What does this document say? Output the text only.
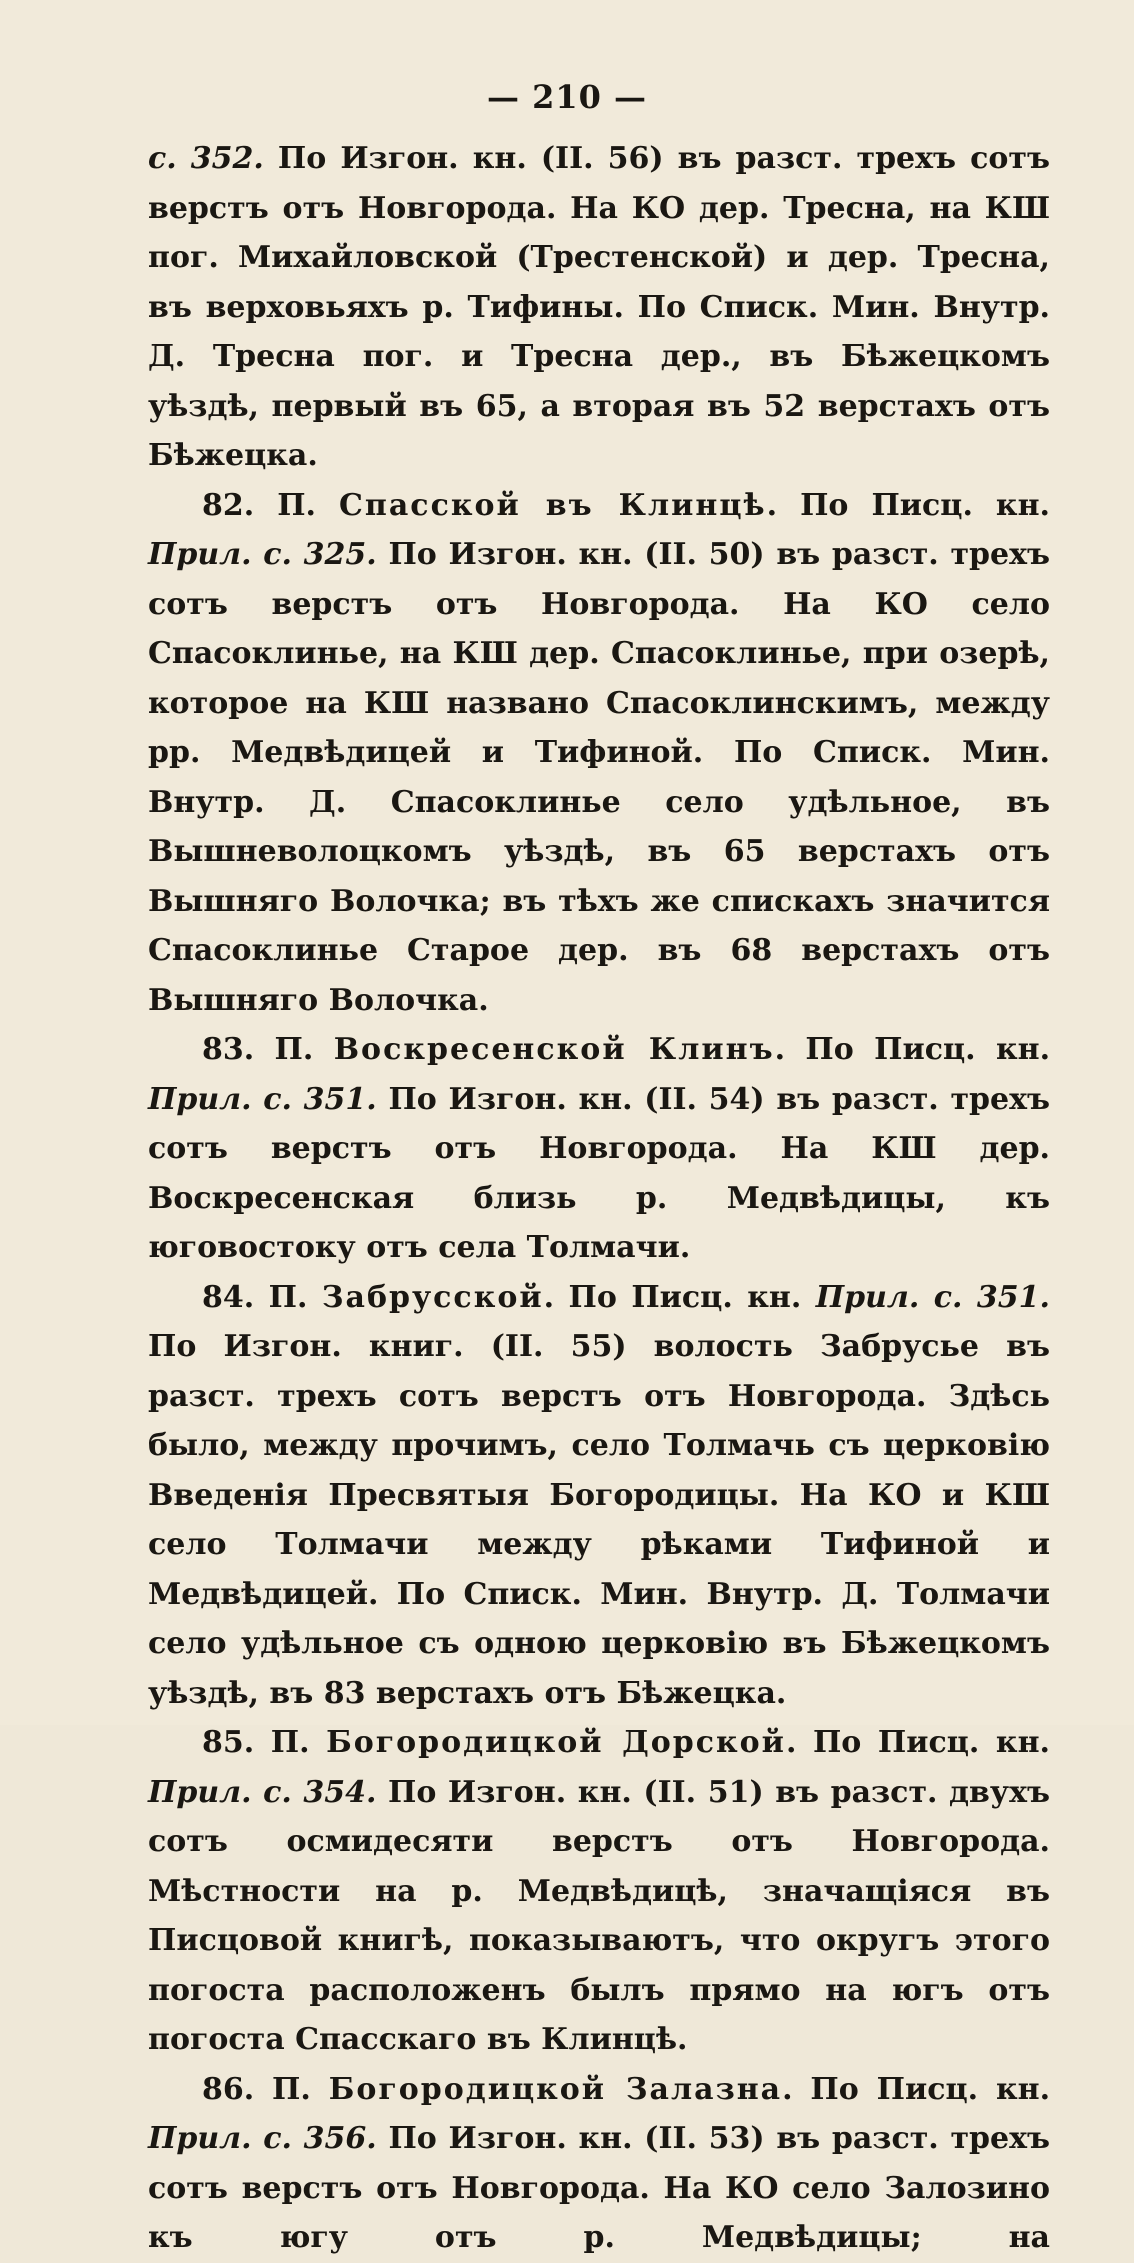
— 210 —

с. 352. По Изгон. кн. (II. 56) въ разст. трехъ сотъ верстъ отъ Новгорода. На КО дер. Тресна, на КШ пог. Михайловской (Трестенской) и дер. Тресна, въ верховьяхъ р. Тифины. По Списк. Мин. Внутр. Д. Тресна пог. и Тресна дер., въ Бѣжецкомъ уѣздѣ, первый въ 65, а вторая въ 52 верстахъ отъ Бѣжецка.

82. П. Спасской въ Клинцѣ. По Писц. кн. Прил. с. 325. По Изгон. кн. (II. 50) въ разст. трехъ сотъ верстъ отъ Новгорода. На КО село Спасоклинье, на КШ дер. Спасоклинье, при озерѣ, которое на КШ названо Спасоклинскимъ, между рр. Медвѣдицей и Тифиной. По Списк. Мин. Внутр. Д. Спасоклинье село удѣльное, въ Вышневолоцкомъ уѣздѣ, въ 65 верстахъ отъ Вышняго Волочка; въ тѣхъ же спискахъ значится Спасоклинье Старое дер. въ 68 верстахъ отъ Вышняго Волочка.

83. П. Воскресенской Клинъ. По Писц. кн. Прил. с. 351. По Изгон. кн. (II. 54) въ разст. трехъ сотъ верстъ отъ Новгорода. На КШ дер. Воскресенская близь р. Медвѣдицы, къ юговостоку отъ села Толмачи.

84. П. Забрусской. По Писц. кн. Прил. с. 351. По Изгон. книг. (II. 55) волость Забрусье въ разст. трехъ сотъ верстъ отъ Новгорода. Здѣсь было, между прочимъ, село Толмачь съ церковію Введенія Пресвятыя Богородицы. На КО и КШ село Толмачи между рѣками Тифиной и Медвѣдицей. По Списк. Мин. Внутр. Д. Толмачи село удѣльное съ одною церковію въ Бѣжецкомъ уѣздѣ, въ 83 верстахъ отъ Бѣжецка.

85. П. Богородицкой Дорской. По Писц. кн. Прил. с. 354. По Изгон. кн. (II. 51) въ разст. двухъ сотъ осмидесяти верстъ отъ Новгорода. Мѣстности на р. Медвѣдицѣ, значащіяся въ Писцовой книгѣ, показываютъ, что округъ этого погоста расположенъ былъ прямо на югъ отъ погоста Спасскаго въ Клинцѣ.

86. П. Богородицкой Залазна. По Писц. кн. Прил. с. 356. По Изгон. кн. (II. 53) въ разст. трехъ сотъ верстъ отъ Новгорода. На КО село Залозино къ югу отъ р. Медвѣдицы; на
